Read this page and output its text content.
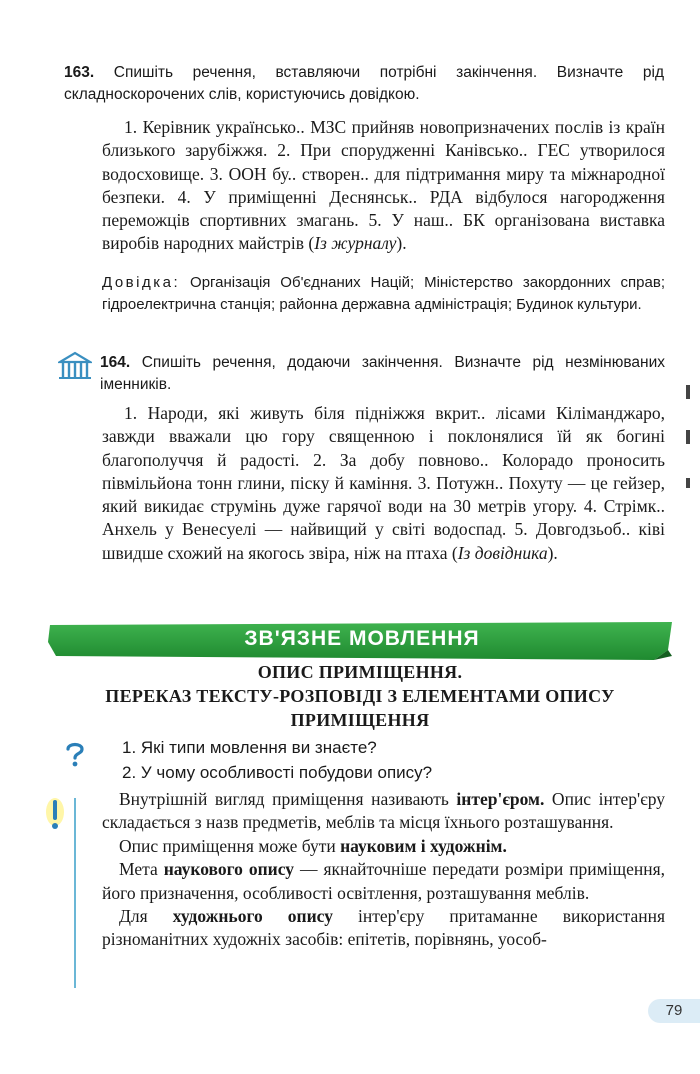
163. Спишіть речення, вставляючи потрібні закінчення. Визначте рід складноскорочених слів, користуючись довідкою.
1. Керівник українсько.. МЗС прийняв новопризначених послів із країн близького зарубіжжя. 2. При спорудженні Канівсько.. ГЕС утворилося водосховище. 3. ООН бу.. створен.. для підтримання миру та міжнародної безпеки. 4. У приміщенні Деснянськ.. РДА відбулося нагородження переможців спортивних змагань. 5. У наш.. БК організована виставка виробів народних майстрів (Із журналу).
Довідка: Організація Об'єднаних Націй; Міністерство закордонних справ; гідроелектрична станція; районна державна адміністрація; Будинок культури.
164. Спишіть речення, додаючи закінчення. Визначте рід незмінюваних іменників.
1. Народи, які живуть біля підніжжя вкрит.. лісами Кіліманджаро, завжди вважали цю гору священною і поклонялися їй як богині благополуччя й радості. 2. За добу повново.. Колорадо проносить півмільйона тонн глини, піску й каміння. 3. Потужн.. Похуту — це гейзер, який викидає струмінь дуже гарячої води на 30 метрів угору. 4. Стрімк.. Анхель у Венесуелі — найвищий у світі водоспад. 5. Довгодзьоб.. ківі швидше схожий на якогось звіра, ніж на птаха (Із довідника).
ЗВ'ЯЗНЕ МОВЛЕННЯ
ОПИС ПРИМІЩЕННЯ.
ПЕРЕКАЗ ТЕКСТУ-РОЗПОВІДІ З ЕЛЕМЕНТАМИ ОПИСУ
ПРИМІЩЕННЯ
1. Які типи мовлення ви знаєте?
2. У чому особливості побудови опису?

Внутрішній вигляд приміщення називають інтер'єром. Опис інтер'єру складається з назв предметів, меблів та місця їхнього розташування.

Опис приміщення може бути науковим і художнім.

Мета наукового опису — якнайточніше передати розміри приміщення, його призначення, особливості освітлення, розташування меблів.

Для художнього опису інтер'єру притаманне використання різноманітних художніх засобів: епітетів, порівнянь, уособ-

79
